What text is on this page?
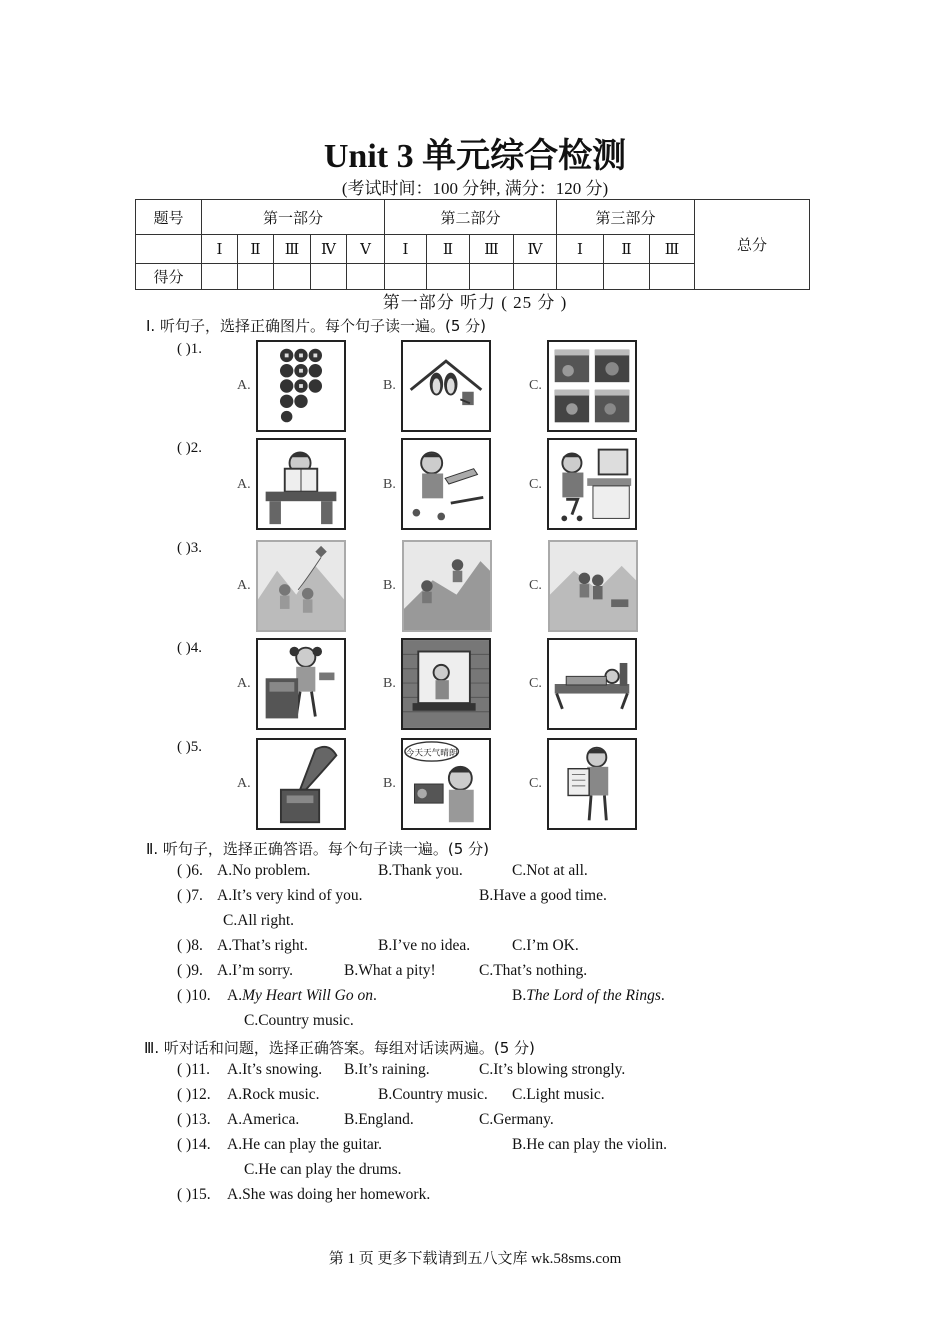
Unit 3 单元综合检测
(考试时间：100 分钟, 满分：120 分)
题号	第一部分					第二部分				第三部分			总分
	Ⅰ	Ⅱ	Ⅲ	Ⅳ	Ⅴ	Ⅰ	Ⅱ	Ⅲ	Ⅳ	Ⅰ	Ⅱ	Ⅲ	
得分													
第一部分 听力 ( 25 分 )
Ⅰ. 听句子，选择正确图片。每个句子读一遍。(5 分)
( )1.
A.	B.	C.
( )2.
A.	B.	C.
( )3.
A.	B.	C.
( )4.
A.	B.	C.
( )5.
A.	B.
今天天气晴朗
C.
Ⅱ. 听句子，选择正确答语。每个句子读一遍。(5 分)
( )6. A.No problem.	B.Thank you.	C.Not at all.
( )7. A.It’s very kind of you.	B.Have a good time.
C.All right.
( )8. A.That’s right.	B.I’ve no idea.	C.I’m OK.
( )9. A.I’m sorry.	B.What a pity!	C.That’s nothing.
( )10. A.My Heart Will Go on.	B.The Lord of the Rings.
C.Country music.
Ⅲ. 听对话和问题，选择正确答案。每组对话读两遍。(5 分)
( )11. A.It’s snowing. B.It’s raining.	C.It’s blowing strongly.
( )12. A.Rock music.	B.Country music. C.Light music.
( )13. A.America.	B.England.	C.Germany.
( )14. A.He can play the guitar.	B.He can play the violin.
C.He can play the drums.
( )15. A.She was doing her homework.
第 1 页 更多下载请到五八文库 wk.58sms.com
